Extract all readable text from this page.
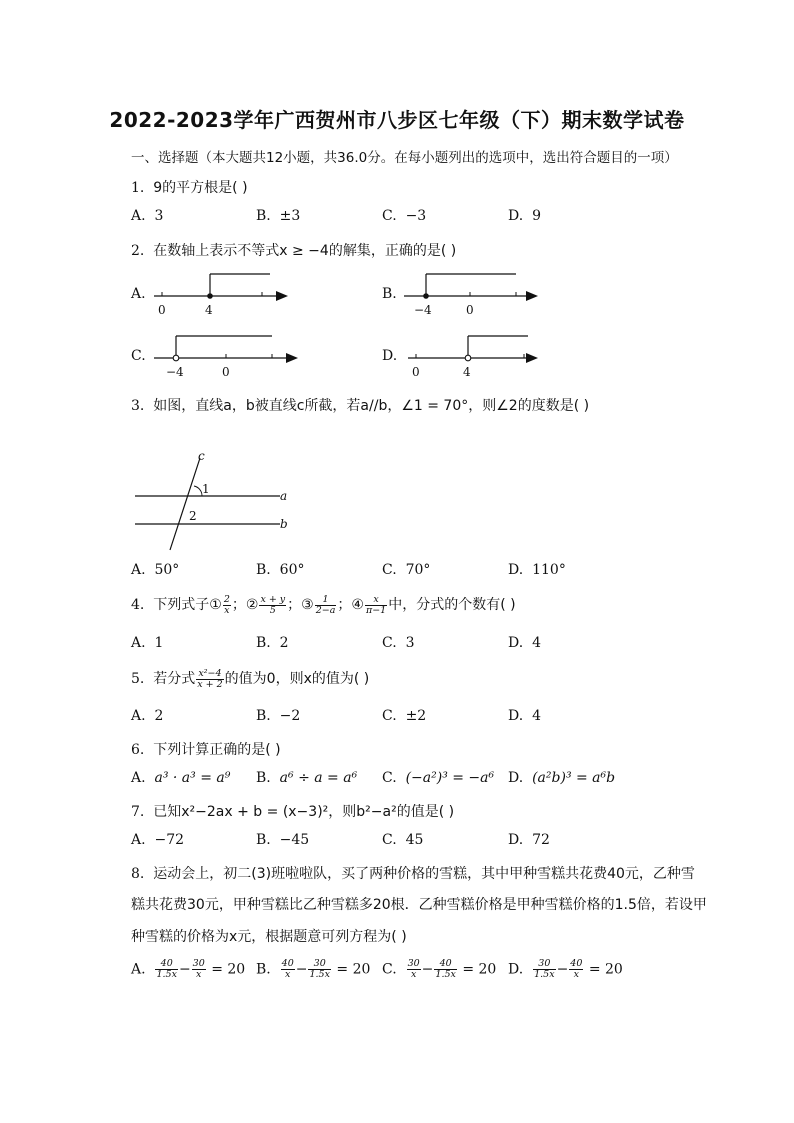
2022-2023学年广西贺州市八步区七年级（下）期末数学试卷
一、选择题（本大题共12小题，共36.0分。在每小题列出的选项中，选出符合题目的一项）
1. 9的平方根是( )
A. 3	B. ±3	C. −3	D. 9
2. 在数轴上表示不等式x ≥ −4的解集，正确的是( )
A.
0	4
B.
−4	0
C.
−4	0
D.
0	4
3. 如图，直线a，b被直线c所截，若a//b，∠1 = 70°，则∠2的度数是( )
c
a
b
1
2
A. 50°	B. 60°	C. 70°	D. 110°
4. 下列式子① $\frac{2}{x}$ ；② $\frac{x + y}{5}$ ；③ $\frac{1}{2-a}$ ；④ $\frac{x}{\pi-1}$ 中，分式的个数有( )
A. 1	B. 2	C. 3	D. 4
5. 若分式 $\frac{\text{x²−4}}{x + 2}$ 的值为0，则x的值为( )
A. 2	B. −2	C. ±2	D. 4
6. 下列计算正确的是( )
A. a³ · a³ = a⁹ B. a⁶ ÷ a = a⁶ C. (−a²)³ = −a⁶ D. (a²b)³ = a⁶b
7. 已知x²−2ax + b = (x−3)²，则b²−a²的值是( )
A. −72	B. −45	C. 45	D. 72
8. 运动会上，初二(3)班啦啦队，买了两种价格的雪糕，其中甲种雪糕共花费40元，乙种雪
糕共花费30元，甲种雪糕比乙种雪糕多20根．乙种雪糕价格是甲种雪糕价格的1.5倍，若设甲
种雪糕的价格为x元，根据题意可列方程为( )
A. $\frac{40}{1.5x} - \frac{30}{x} = 20$ B. $\frac{40}{x} - \frac{30}{1.5x} = 20$ C. $\frac{30}{x} - \frac{40}{1.5x} = 20$ D. $\frac{30}{1.5x} - \frac{40}{x} = 20$
